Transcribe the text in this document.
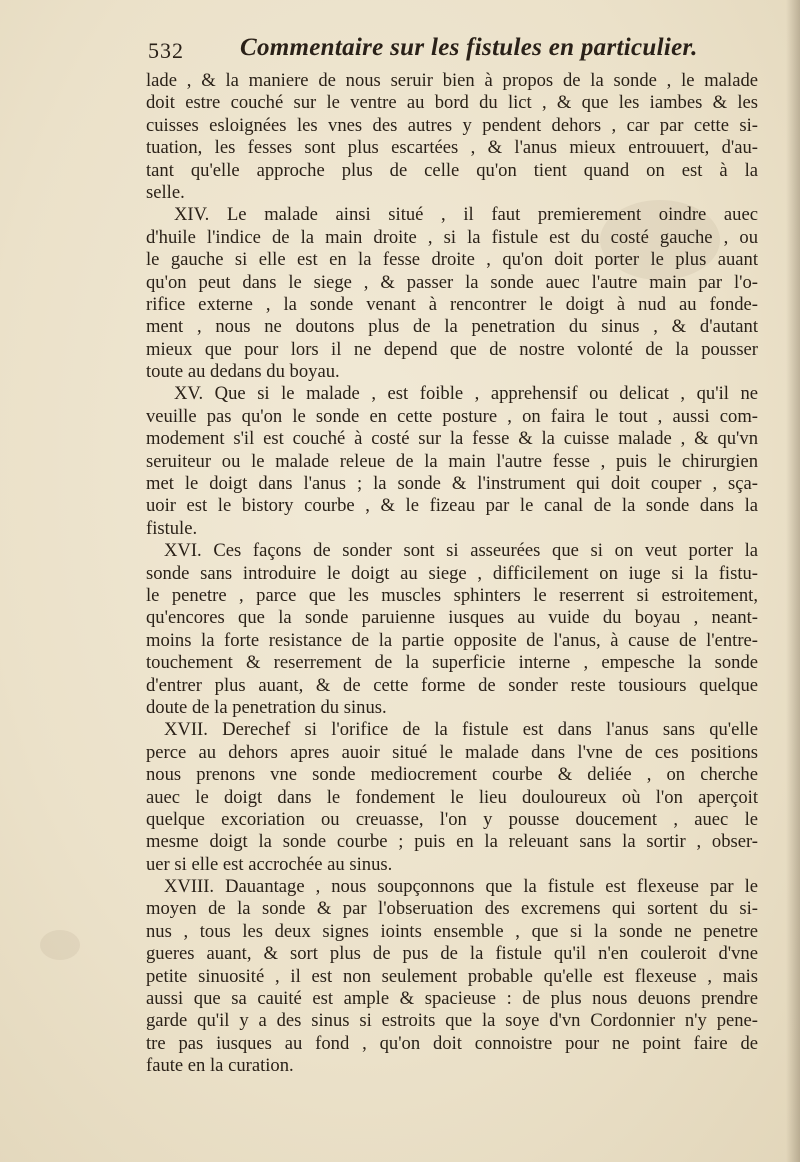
532 Commentaire sur les fistules en particulier.
lade , & la maniere de nous seruir bien à propos de la sonde , le malade
doit estre couché sur le ventre au bord du lict , & que les iambes & les
cuisses esloignées les vnes des autres y pendent dehors , car par cette si-
tuation, les fesses sont plus escartées , & l'anus mieux entrouuert, d'au-
tant qu'elle approche plus de celle qu'on tient quand on est à la
selle.
XIV. Le malade ainsi situé , il faut premierement oindre auec
d'huile l'indice de la main droite , si la fistule est du costé gauche , ou
le gauche si elle est en la fesse droite , qu'on doit porter le plus auant
qu'on peut dans le siege , & passer la sonde auec l'autre main par l'o-
rifice externe , la sonde venant à rencontrer le doigt à nud au fonde-
ment , nous ne doutons plus de la penetration du sinus , & d'autant
mieux que pour lors il ne depend que de nostre volonté de la pousser
toute au dedans du boyau.
XV. Que si le malade , est foible , apprehensif ou delicat , qu'il ne
veuille pas qu'on le sonde en cette posture , on faira le tout , aussi com-
modement s'il est couché à costé sur la fesse & la cuisse malade , & qu'vn
seruiteur ou le malade releue de la main l'autre fesse , puis le chirurgien
met le doigt dans l'anus ; la sonde & l'instrument qui doit couper , sça-
uoir est le bistory courbe , & le fizeau par le canal de la sonde dans la
fistule.
XVI. Ces façons de sonder sont si asseurées que si on veut porter la
sonde sans introduire le doigt au siege , difficilement on iuge si la fistu-
le penetre , parce que les muscles sphinters le reserrent si estroitement,
qu'encores que la sonde paruienne iusques au vuide du boyau , neant-
moins la forte resistance de la partie opposite de l'anus, à cause de l'entre-
touchement & reserrement de la superficie interne , empesche la sonde
d'entrer plus auant, & de cette forme de sonder reste tousiours quelque
doute de la penetration du sinus.
XVII. Derechef si l'orifice de la fistule est dans l'anus sans qu'elle
perce au dehors apres auoir situé le malade dans l'vne de ces positions
nous prenons vne sonde mediocrement courbe & deliée , on cherche
auec le doigt dans le fondement le lieu douloureux où l'on aperçoit
quelque excoriation ou creuasse, l'on y pousse doucement , auec le
mesme doigt la sonde courbe ; puis en la releuant sans la sortir , obser-
uer si elle est accrochée au sinus.
XVIII. Dauantage , nous soupçonnons que la fistule est flexeuse par le
moyen de la sonde & par l'obseruation des excremens qui sortent du si-
nus , tous les deux signes ioints ensemble , que si la sonde ne penetre
gueres auant, & sort plus de pus de la fistule qu'il n'en couleroit d'vne
petite sinuosité , il est non seulement probable qu'elle est flexeuse , mais
aussi que sa cauité est ample & spacieuse : de plus nous deuons prendre
garde qu'il y a des sinus si estroits que la soye d'vn Cordonnier n'y pene-
tre pas iusques au fond , qu'on doit connoistre pour ne point faire de
faute en la curation.
